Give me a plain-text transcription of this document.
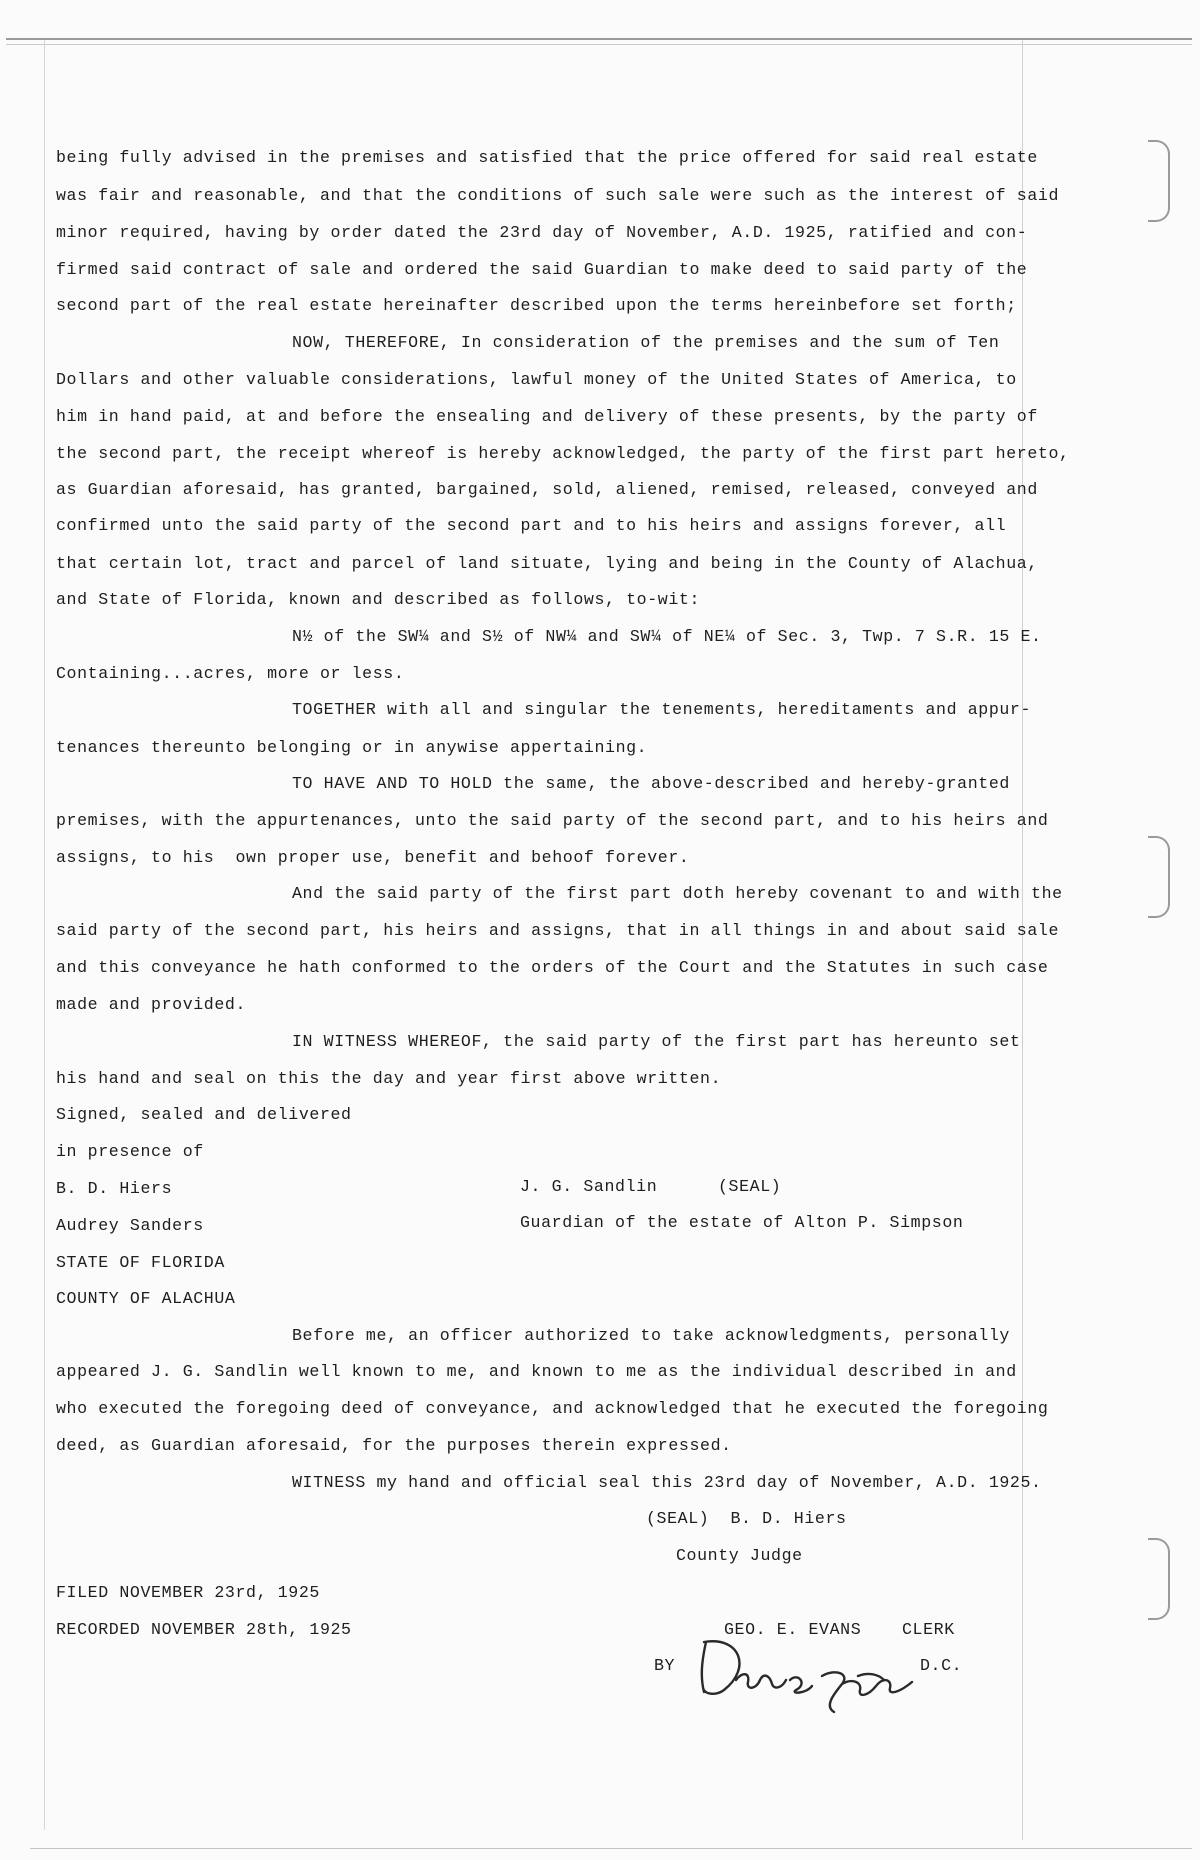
being fully advised in the premises and satisfied that the price offered for said real estate

was fair and reasonable, and that the conditions of such sale were such as the interest of said

minor required, having by order dated the 23rd day of November, A.D. 1925, ratified and con-

firmed said contract of sale and ordered the said Guardian to make deed to said party of the

second part of the real estate hereinafter described upon the terms hereinbefore set forth;

NOW, THEREFORE, In consideration of the premises and the sum of Ten

Dollars and other valuable considerations, lawful money of the United States of America, to

him in hand paid, at and before the ensealing and delivery of these presents, by the party of

the second part, the receipt whereof is hereby acknowledged, the party of the first part hereto,

as Guardian aforesaid, has granted, bargained, sold, aliened, remised, released, conveyed and

confirmed unto the said party of the second part and to his heirs and assigns forever, all

that certain lot, tract and parcel of land situate, lying and being in the County of Alachua,

and State of Florida, known and described as follows, to-wit:

N½ of the SW¼ and S½ of NW¼ and SW¼ of NE¼ of Sec. 3, Twp. 7 S.R. 15 E.

Containing...acres, more or less.

TOGETHER with all and singular the tenements, hereditaments and appur-

tenances thereunto belonging or in anywise appertaining.

TO HAVE AND TO HOLD the same, the above-described and hereby-granted

premises, with the appurtenances, unto the said party of the second part, and to his heirs and

assigns, to his  own proper use, benefit and behoof forever.

And the said party of the first part doth hereby covenant to and with the

said party of the second part, his heirs and assigns, that in all things in and about said sale

and this conveyance he hath conformed to the orders of the Court and the Statutes in such case

made and provided.

IN WITNESS WHEREOF, the said party of the first part has hereunto set

his hand and seal on this the day and year first above written.

Signed, sealed and delivered

in presence of

B. D. Hiers

Audrey Sanders

J. G. Sandlin	(SEAL)

Guardian of the estate of Alton P. Simpson

STATE OF FLORIDA

COUNTY OF ALACHUA

Before me, an officer authorized to take acknowledgments, personally

appeared J. G. Sandlin well known to me, and known to me as the individual described in and

who executed the foregoing deed of conveyance, and acknowledged that he executed the foregoing

deed, as Guardian aforesaid, for the purposes therein expressed.

WITNESS my hand and official seal this 23rd day of November, A.D. 1925.

(SEAL)  B. D. Hiers

County Judge

FILED NOVEMBER 23rd, 1925

RECORDED NOVEMBER 28th, 1925	GEO. E. EVANS CLERK

BY	D.C.
